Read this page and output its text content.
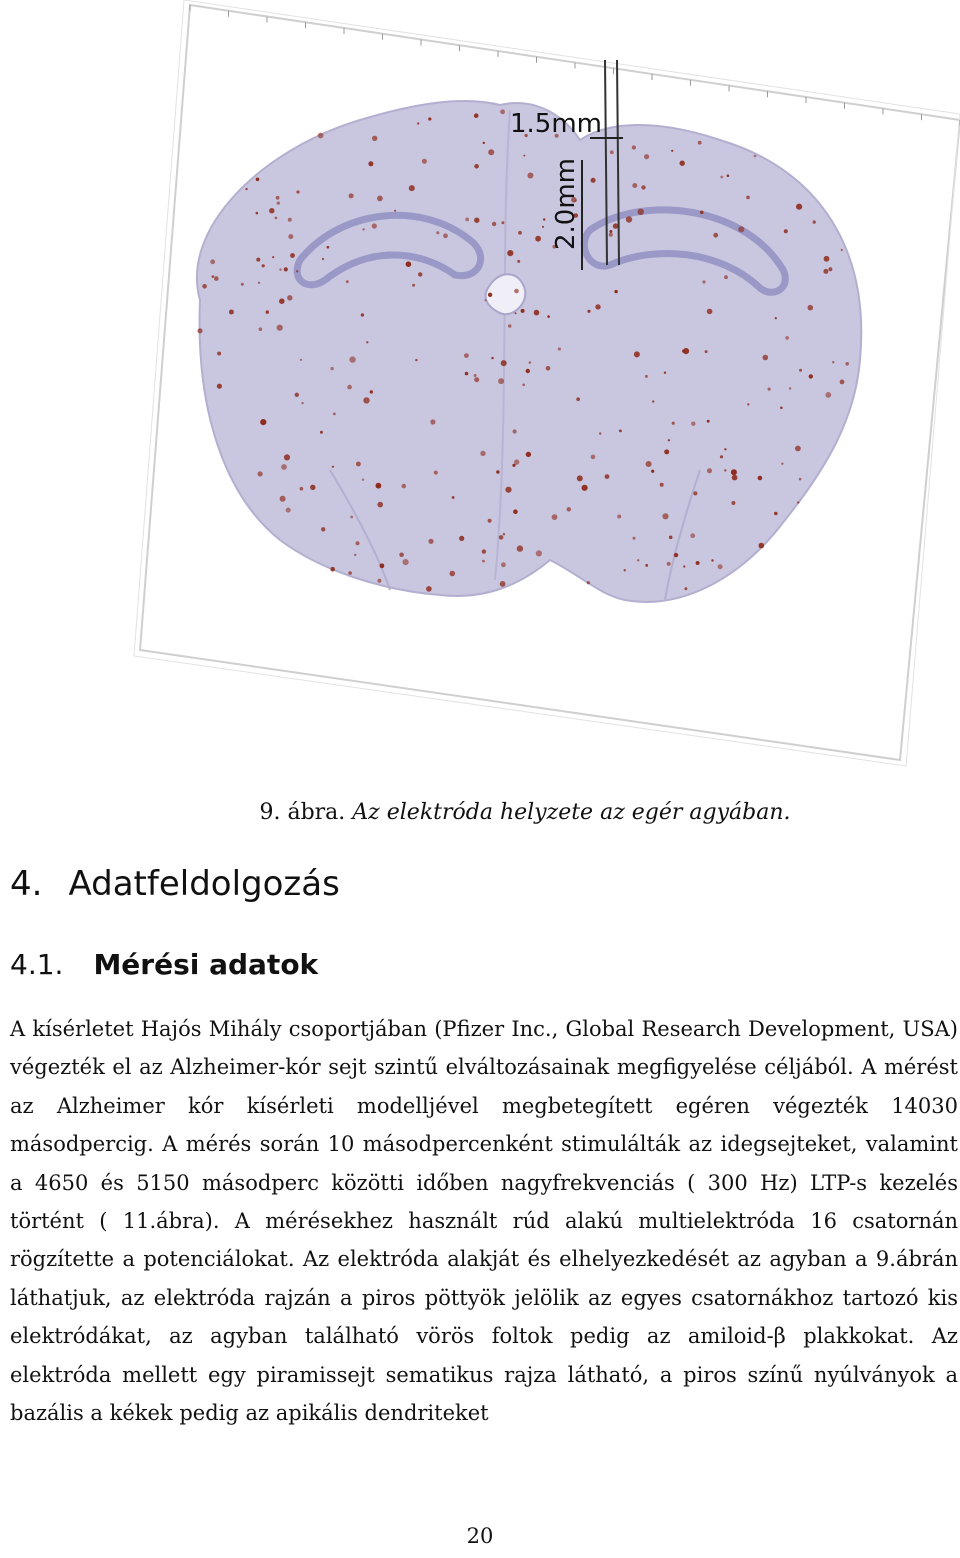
1.5mm
2.0mm
9. ábra. Az elektróda helyzete az egér agyában.
4. Adatfeldolgozás
4.1. Mérési adatok

A kísérletet Hajós Mihály csoportjában (Pfizer Inc., Global Research Development, USA) végezték el az Alzheimer-kór sejt szintű elváltozásainak megfigyelése céljából. A mérést az Alzheimer kór kísérleti modelljével megbetegített egéren végezték 14030 másodpercig. A mérés során 10 másodpercenként stimulálták az idegsejteket, valamint a 4650 és 5150 másodperc közötti időben nagyfrekvenciás ( 300 Hz) LTP-s kezelés történt ( 11.ábra). A mérésekhez használt rúd alakú multielektróda 16 csatornán rögzítette a potenciálokat. Az elektróda alakját és elhelyezkedését az agyban a 9.ábrán láthatjuk, az elektróda rajzán a piros pöttyök jelölik az egyes csatornákhoz tartozó kis elektródákat, az agyban található vörös foltok pedig az amiloid-β plakkokat. Az elektróda mellett egy piramissejt sematikus rajza látható, a piros színű nyúlványok a bazális a kékek pedig az apikális dendriteket

20
